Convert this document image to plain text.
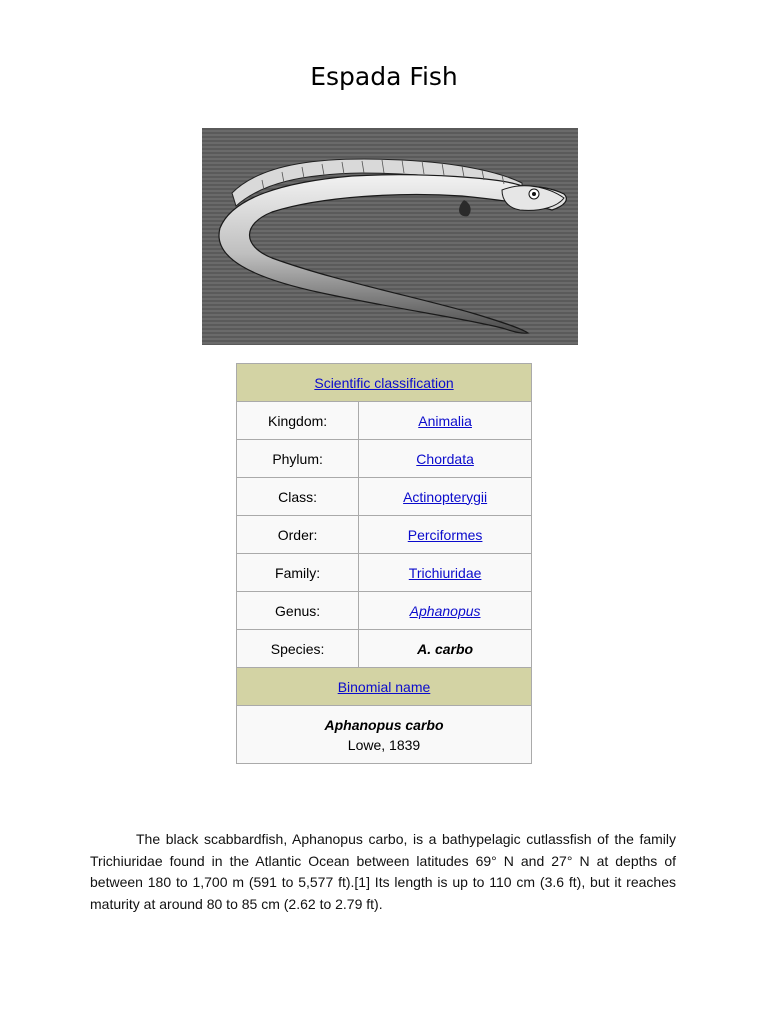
Espada Fish
Scientific classification	
Kingdom:	Animalia
Phylum:	Chordata
Class:	Actinopterygii
Order:	Perciformes
Family:	Trichiuridae
Genus:	Aphanopus
Species:	A. carbo
Binomial name	

Aphanopus carbo
Lowe, 1839	
The black scabbardfish, Aphanopus carbo, is a bathypelagic cutlassfish of the family Trichiuridae found in the Atlantic Ocean between latitudes 69° N and 27° N at depths of between 180 to 1,700 m (591 to 5,577 ft).[1] Its length is up to 110 cm (3.6 ft), but it reaches maturity at around 80 to 85 cm (2.62 to 2.79 ft).
